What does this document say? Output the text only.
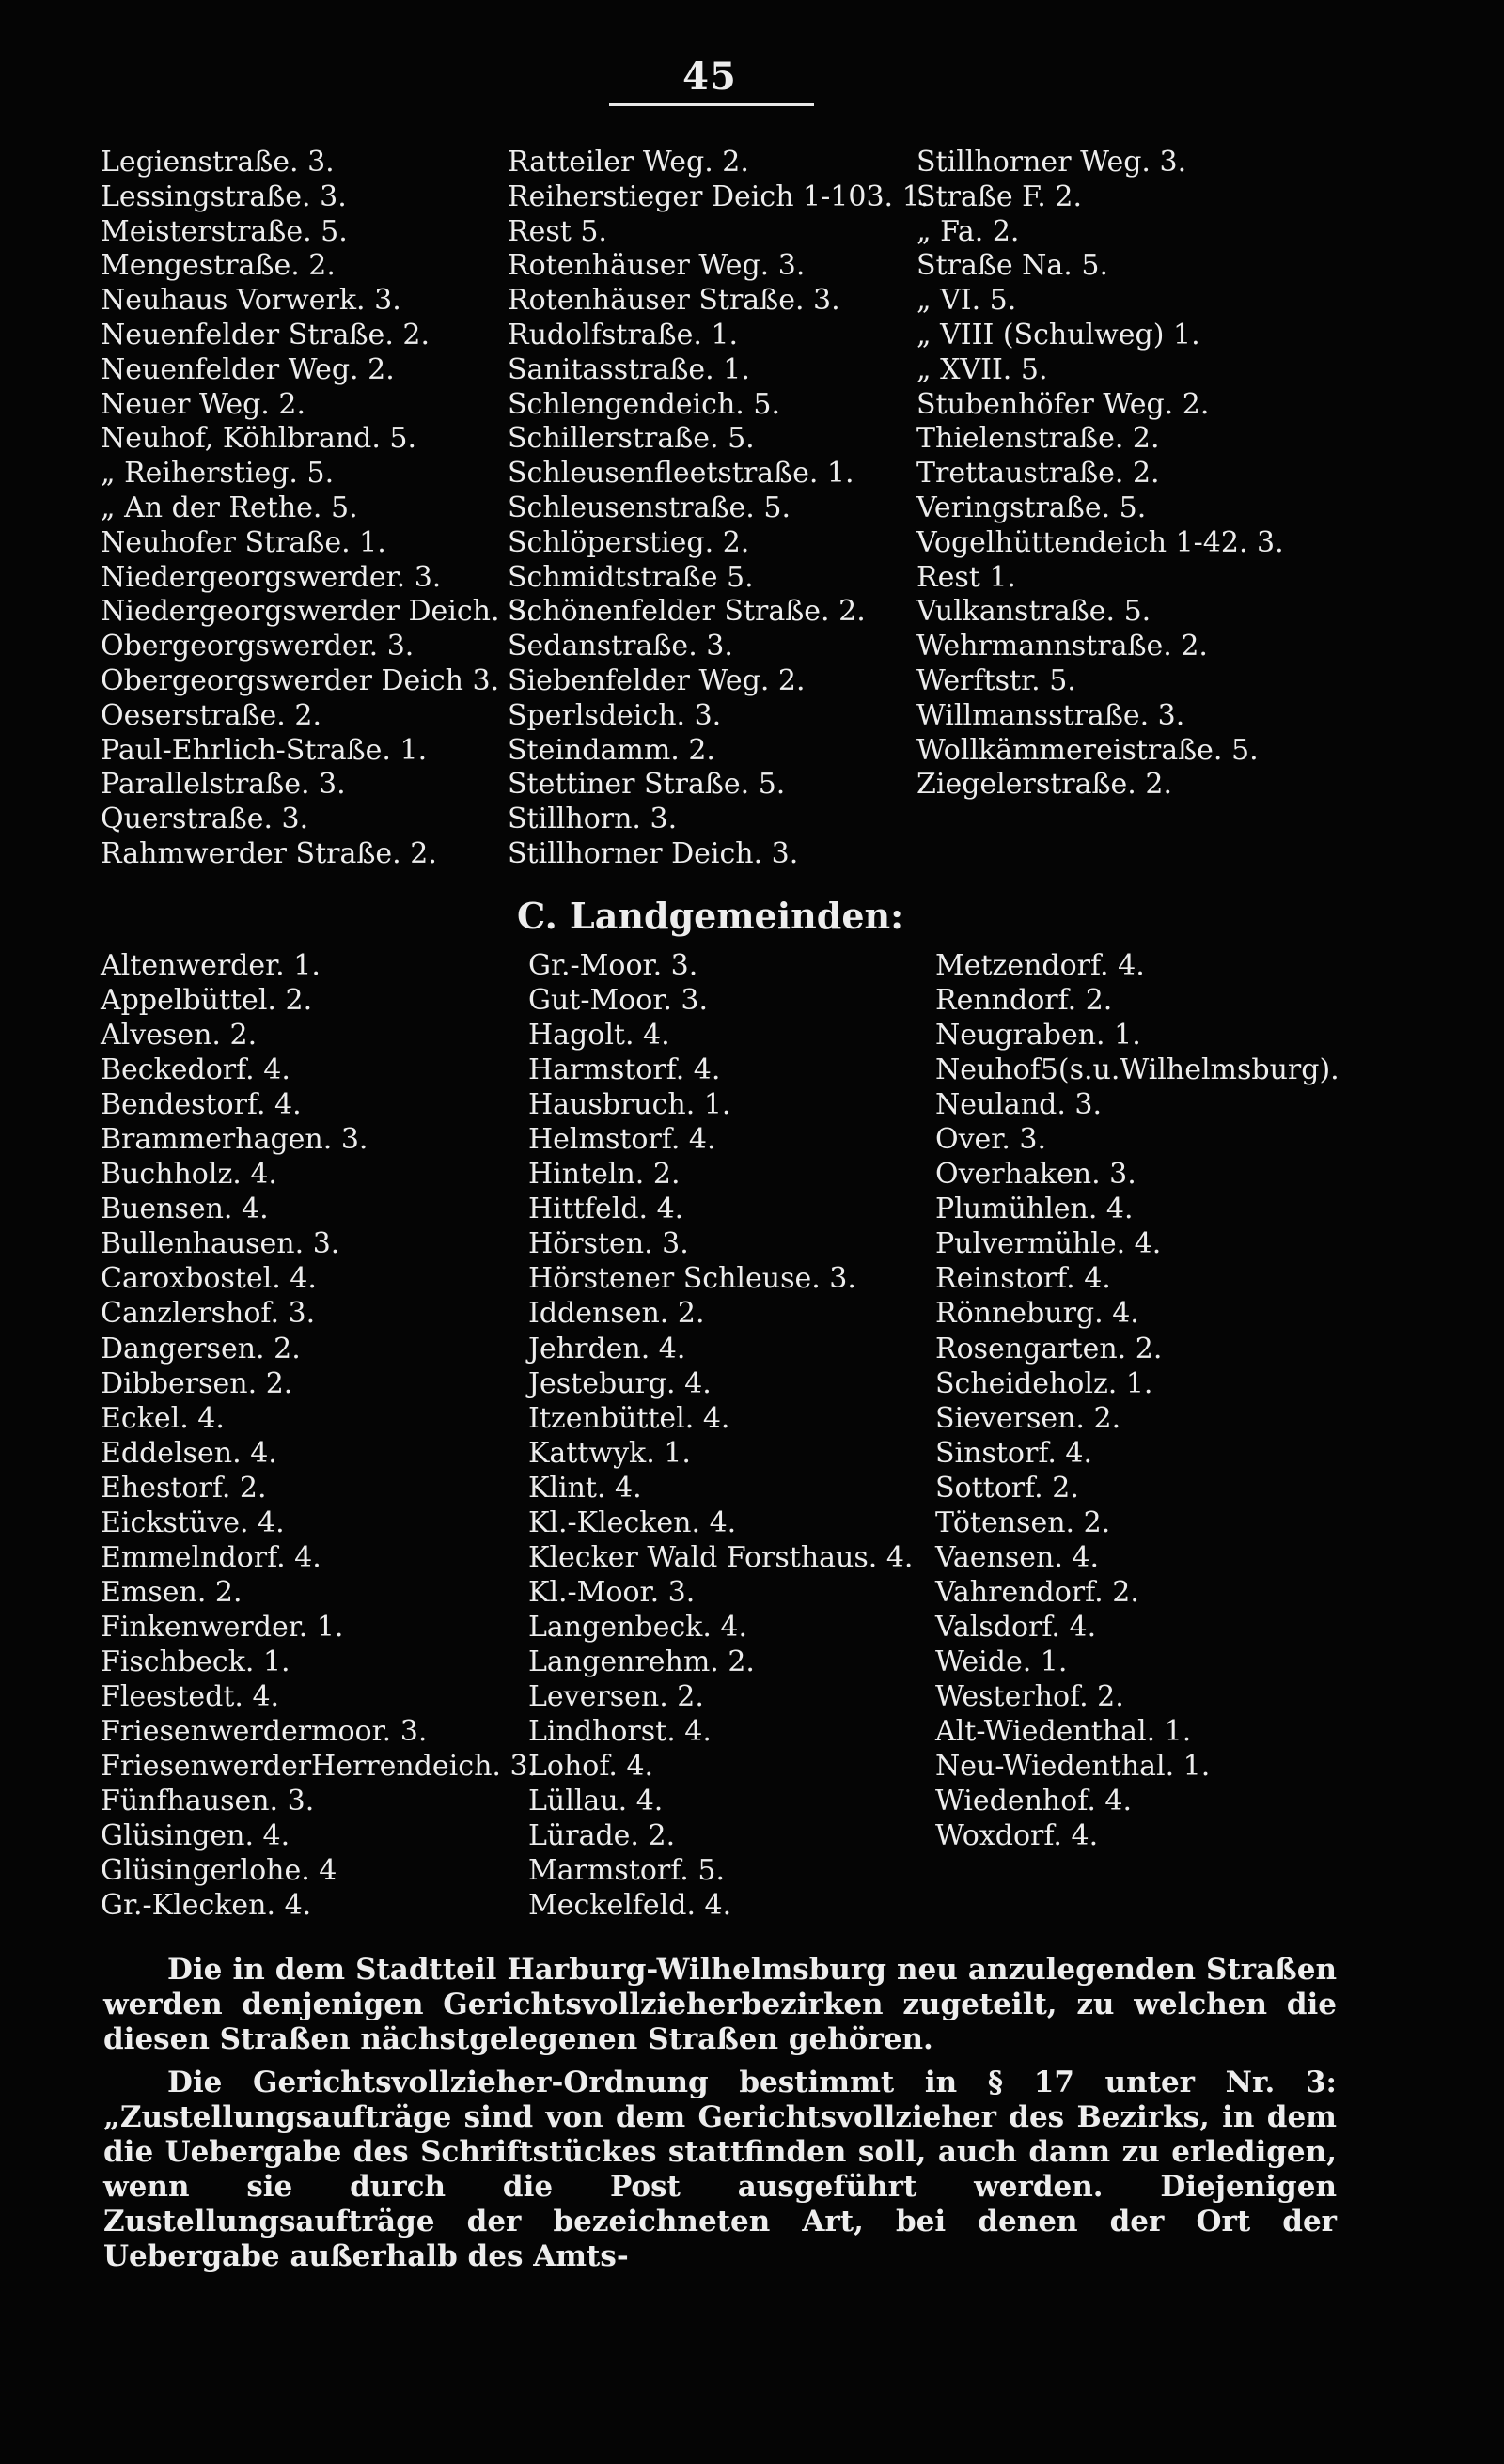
45
Legienstraße. 3.
Lessingstraße. 3.
Meisterstraße. 5.
Mengestraße. 2.
Neuhaus Vorwerk. 3.
Neuenfelder Straße. 2.
Neuenfelder Weg. 2.
Neuer Weg. 2.
Neuhof, Köhlbrand. 5.
„ Reiherstieg. 5.
„ An der Rethe. 5.
Neuhofer Straße. 1.
Niedergeorgswerder. 3.
Niedergeorgswerder Deich. 3.
Obergeorgswerder. 3.
Obergeorgswerder Deich 3.
Oeserstraße. 2.
Paul-Ehrlich-Straße. 1.
Parallelstraße. 3.
Querstraße. 3.
Rahmwerder Straße. 2.
Ratteiler Weg. 2.
Reiherstieger Deich 1-103. 1.
Rest 5.
Rotenhäuser Weg. 3.
Rotenhäuser Straße. 3.
Rudolfstraße. 1.
Sanitasstraße. 1.
Schlengendeich. 5.
Schillerstraße. 5.
Schleusenfleetstraße. 1.
Schleusenstraße. 5.
Schlöperstieg. 2.
Schmidtstraße 5.
Schönenfelder Straße. 2.
Sedanstraße. 3.
Siebenfelder Weg. 2.
Sperlsdeich. 3.
Steindamm. 2.
Stettiner Straße. 5.
Stillhorn. 3.
Stillhorner Deich. 3.
Stillhorner Weg. 3.
Straße F. 2.
„ Fa. 2.
Straße Na. 5.
„ VI. 5.
„ VIII (Schulweg) 1.
„ XVII. 5.
Stubenhöfer Weg. 2.
Thielenstraße. 2.
Trettaustraße. 2.
Veringstraße. 5.
Vogelhüttendeich 1-42. 3.
Rest 1.
Vulkanstraße. 5.
Wehrmannstraße. 2.
Werftstr. 5.
Willmansstraße. 3.
Wollkämmereistraße. 5.
Ziegelerstraße. 2.
C. Landgemeinden:
Altenwerder. 1.
Appelbüttel. 2.
Alvesen. 2.
Beckedorf. 4.
Bendestorf. 4.
Brammerhagen. 3.
Buchholz. 4.
Buensen. 4.
Bullenhausen. 3.
Caroxbostel. 4.
Canzlershof. 3.
Dangersen. 2.
Dibbersen. 2.
Eckel. 4.
Eddelsen. 4.
Ehestorf. 2.
Eickstüve. 4.
Emmelndorf. 4.
Emsen. 2.
Finkenwerder. 1.
Fischbeck. 1.
Fleestedt. 4.
Friesenwerdermoor. 3.
FriesenwerderHerrendeich. 3.
Fünfhausen. 3.
Glüsingen. 4.
Glüsingerlohe. 4
Gr.-Klecken. 4.
Gr.-Moor. 3.
Gut-Moor. 3.
Hagolt. 4.
Harmstorf. 4.
Hausbruch. 1.
Helmstorf. 4.
Hinteln. 2.
Hittfeld. 4.
Hörsten. 3.
Hörstener Schleuse. 3.
Iddensen. 2.
Jehrden. 4.
Jesteburg. 4.
Itzenbüttel. 4.
Kattwyk. 1.
Klint. 4.
Kl.-Klecken. 4.
Klecker Wald Forsthaus. 4.
Kl.-Moor. 3.
Langenbeck. 4.
Langenrehm. 2.
Leversen. 2.
Lindhorst. 4.
Lohof. 4.
Lüllau. 4.
Lürade. 2.
Marmstorf. 5.
Meckelfeld. 4.
Metzendorf. 4.
Renndorf. 2.
Neugraben. 1.
Neuhof5(s.u.Wilhelmsburg).
Neuland. 3.
Over. 3.
Overhaken. 3.
Plumühlen. 4.
Pulvermühle. 4.
Reinstorf. 4.
Rönneburg. 4.
Rosengarten. 2.
Scheideholz. 1.
Sieversen. 2.
Sinstorf. 4.
Sottorf. 2.
Tötensen. 2.
Vaensen. 4.
Vahrendorf. 2.
Valsdorf. 4.
Weide. 1.
Westerhof. 2.
Alt-Wiedenthal. 1.
Neu-Wiedenthal. 1.
Wiedenhof. 4.
Woxdorf. 4.

Die in dem Stadtteil Harburg-Wilhelmsburg neu anzulegenden Straßen werden denjenigen Gerichtsvollzieherbezirken zugeteilt, zu welchen die diesen Straßen nächstgelegenen Straßen gehören.

Die Gerichtsvollzieher-Ordnung bestimmt in § 17 unter Nr. 3: „Zustellungsaufträge sind von dem Gerichtsvollzieher des Bezirks, in dem die Uebergabe des Schriftstückes stattfinden soll, auch dann zu erledigen, wenn sie durch die Post ausgeführt werden. Diejenigen Zustellungsaufträge der bezeichneten Art, bei denen der Ort der Uebergabe außerhalb des Amts-
